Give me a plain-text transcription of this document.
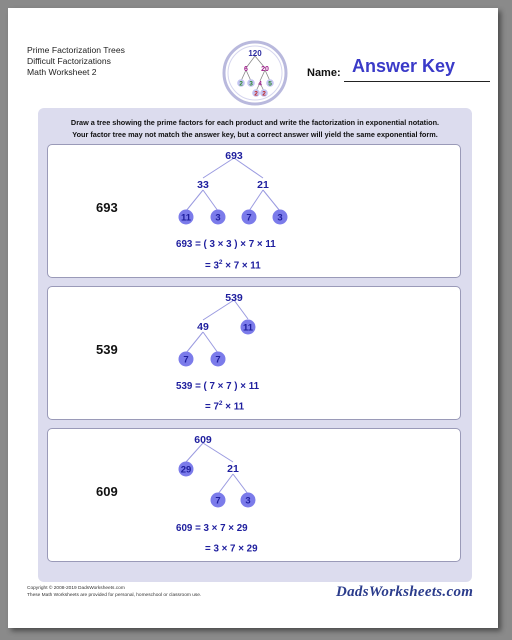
Prime Factorization Trees
Difficult Factorizations
Math Worksheet 2
120
6 20
2 3 4 5
2 2
Name: Answer Key
Draw a tree showing the prime factors for each product and write the factorization in exponential notation.
Your factor tree may not match the answer key, but a correct answer will yield the same exponential form.
693
693
33	21
11	3	7	3
693 = ( 3 × 3 ) × 7 × 11
= $3^2 \times 7 \times 11$
539
539
49	11
7	7
539 = ( 7 × 7 ) × 11
= $7^2 \times 11$
609
609
29	21
7	3
609 = 3 × 7 × 29
= 3 × 7 × 29
Copyright © 2008-2019 DadsWorksheets.com
These Math Worksheets are provided for personal, homeschool or classroom use.	DadsWorksheets.com
